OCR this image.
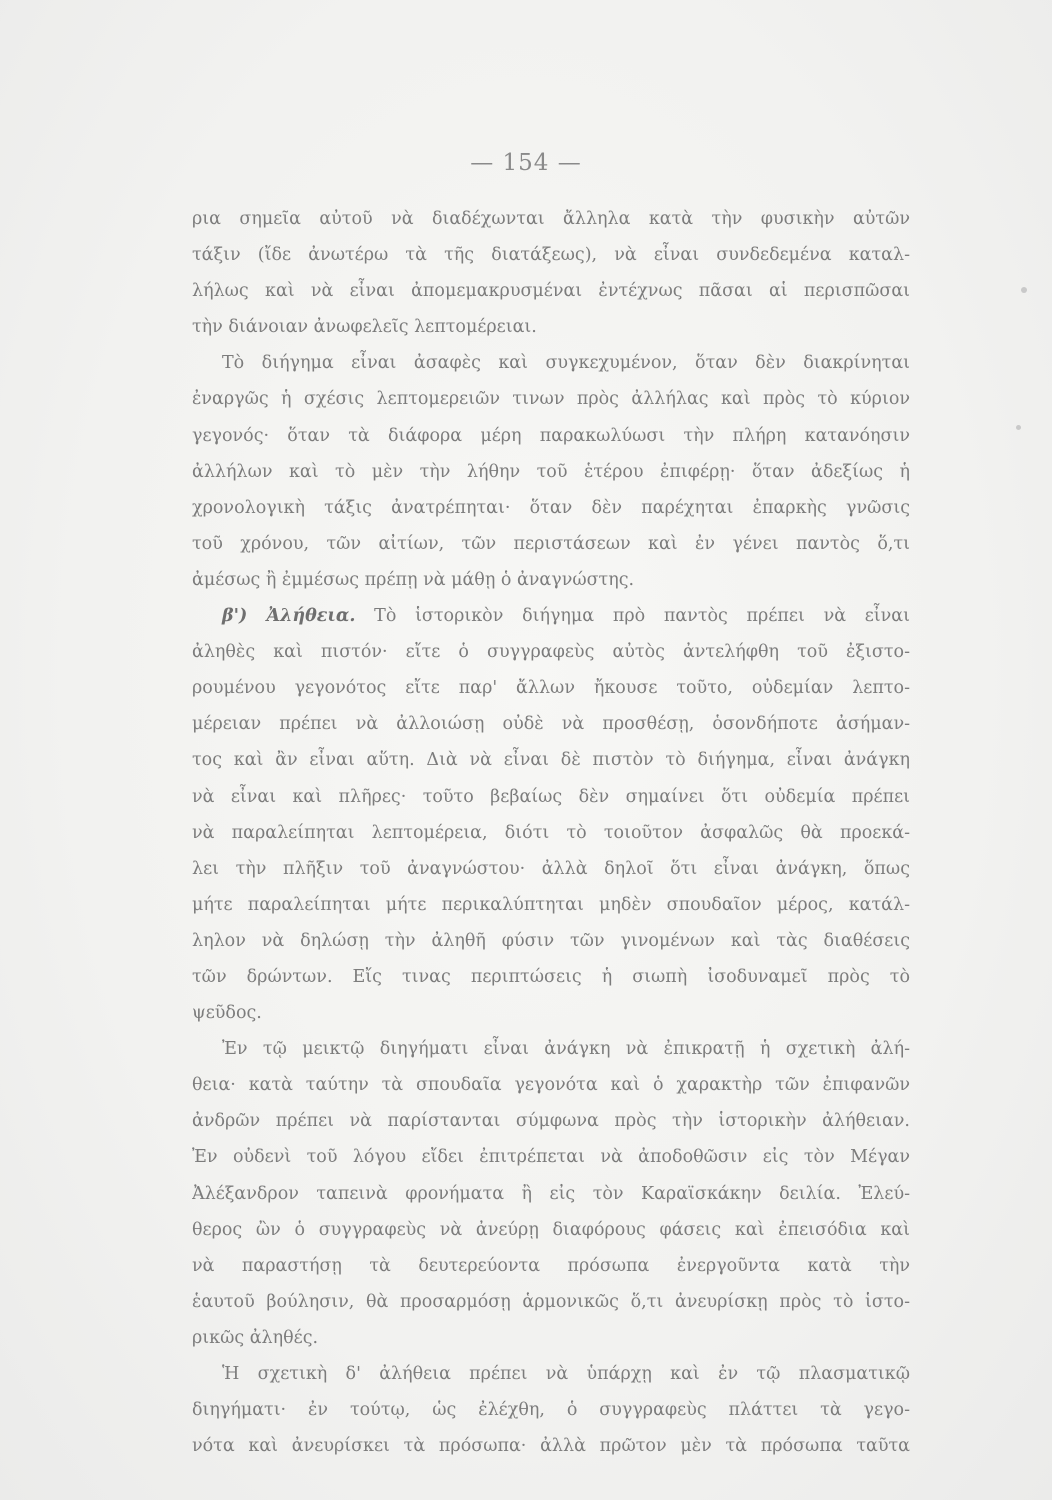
— 154 —

ρια σημεῖα αὐτοῦ νὰ διαδέχωνται ἄλληλα κατὰ τὴν φυσικὴν αὐτῶν
τάξιν (ἴδε ἀνωτέρω τὰ τῆς διατάξεως), νὰ εἶναι συνδεδεμένα καταλ-
λήλως καὶ νὰ εἶναι ἀπομεμακρυσμέναι ἐντέχνως πᾶσαι αἱ περισπῶσαι
τὴν διάνοιαν ἀνωφελεῖς λεπτομέρειαι.
Τὸ διήγημα εἶναι ἀσαφὲς καὶ συγκεχυμένον, ὅταν δὲν διακρίνηται
ἐναργῶς ἡ σχέσις λεπτομερειῶν τινων πρὸς ἀλλήλας καὶ πρὸς τὸ κύριον
γεγονός· ὅταν τὰ διάφορα μέρη παρακωλύωσι τὴν πλήρη κατανόησιν
ἀλλήλων καὶ τὸ μὲν τὴν λήθην τοῦ ἑτέρου ἐπιφέρῃ· ὅταν ἀδεξίως ἡ
χρονολογικὴ τάξις ἀνατρέπηται· ὅταν δὲν παρέχηται ἐπαρκὴς γνῶσις
τοῦ χρόνου, τῶν αἰτίων, τῶν περιστάσεων καὶ ἐν γένει παντὸς ὅ,τι
ἀμέσως ἢ ἐμμέσως πρέπῃ νὰ μάθῃ ὁ ἀναγνώστης.
β') Ἀλήθεια. Τὸ ἱστορικὸν διήγημα πρὸ παντὸς πρέπει νὰ εἶναι
ἀληθὲς καὶ πιστόν· εἴτε ὁ συγγραφεὺς αὐτὸς ἀντελήφθη τοῦ ἐξιστο-
ρουμένου γεγονότος εἴτε παρ' ἄλλων ἤκουσε τοῦτο, οὐδεμίαν λεπτο-
μέρειαν πρέπει νὰ ἀλλοιώσῃ οὐδὲ νὰ προσθέσῃ, ὁσονδήποτε ἀσήμαν-
τος καὶ ἂν εἶναι αὕτη. Διὰ νὰ εἶναι δὲ πιστὸν τὸ διήγημα, εἶναι ἀνάγκη
νὰ εἶναι καὶ πλῆρες· τοῦτο βεβαίως δὲν σημαίνει ὅτι οὐδεμία πρέπει
νὰ παραλείπηται λεπτομέρεια, διότι τὸ τοιοῦτον ἀσφαλῶς θὰ προεκά-
λει τὴν πλῆξιν τοῦ ἀναγνώστου· ἀλλὰ δηλοῖ ὅτι εἶναι ἀνάγκη, ὅπως
μήτε παραλείπηται μήτε περικαλύπτηται μηδὲν σπουδαῖον μέρος, κατάλ-
ληλον νὰ δηλώσῃ τὴν ἀληθῆ φύσιν τῶν γινομένων καὶ τὰς διαθέσεις
τῶν δρώντων. Εἴς τινας περιπτώσεις ἡ σιωπὴ ἰσοδυναμεῖ πρὸς τὸ
ψεῦδος.
Ἐν τῷ μεικτῷ διηγήματι εἶναι ἀνάγκη νὰ ἐπικρατῇ ἡ σχετικὴ ἀλή-
θεια· κατὰ ταύτην τὰ σπουδαῖα γεγονότα καὶ ὁ χαρακτὴρ τῶν ἐπιφανῶν
ἀνδρῶν πρέπει νὰ παρίστανται σύμφωνα πρὸς τὴν ἱστορικὴν ἀλήθειαν.
Ἐν οὐδενὶ τοῦ λόγου εἴδει ἐπιτρέπεται νὰ ἀποδοθῶσιν εἰς τὸν Μέγαν
Ἀλέξανδρον ταπεινὰ φρονήματα ἢ εἰς τὸν Καραϊσκάκην δειλία. Ἐλεύ-
θερος ὢν ὁ συγγραφεὺς νὰ ἀνεύρῃ διαφόρους φάσεις καὶ ἐπεισόδια καὶ
νὰ παραστήσῃ τὰ δευτερεύοντα πρόσωπα ἐνεργοῦντα κατὰ τὴν
ἑαυτοῦ βούλησιν, θὰ προσαρμόσῃ ἁρμονικῶς ὅ,τι ἀνευρίσκῃ πρὸς τὸ ἱστο-
ρικῶς ἀληθές.
Ἡ σχετικὴ δ' ἀλήθεια πρέπει νὰ ὑπάρχῃ καὶ ἐν τῷ πλασματικῷ
διηγήματι· ἐν τούτῳ, ὡς ἐλέχθη, ὁ συγγραφεὺς πλάττει τὰ γεγο-
νότα καὶ ἀνευρίσκει τὰ πρόσωπα· ἀλλὰ πρῶτον μὲν τὰ πρόσωπα ταῦτα
